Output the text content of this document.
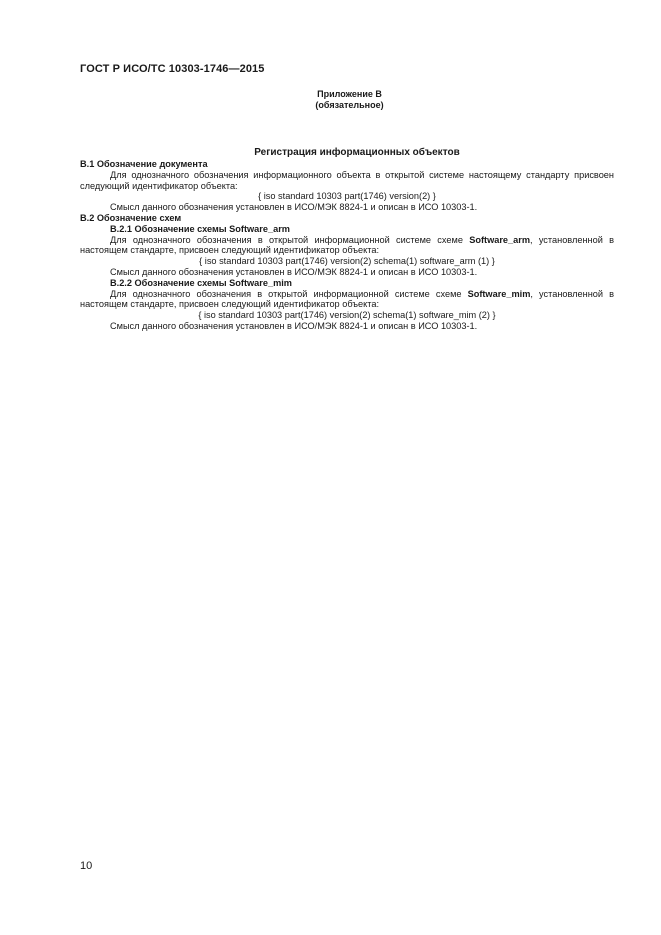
ГОСТ Р ИСО/ТС 10303-1746—2015
Приложение В
(обязательное)
Регистрация информационных объектов
В.1 Обозначение документа
Для однозначного обозначения информационного объекта в открытой системе настоящему стандарту присвоен следующий идентификатор объекта:
{ iso standard 10303 part(1746) version(2) }
Смысл данного обозначения установлен в ИСО/МЭК 8824-1 и описан в ИСО 10303-1.
В.2 Обозначение схем
В.2.1 Обозначение схемы Software_arm
Для однозначного обозначения в открытой информационной системе схеме Software_arm, установленной в настоящем стандарте, присвоен следующий идентификатор объекта:
{ iso standard 10303 part(1746) version(2) schema(1) software_arm (1) }
Смысл данного обозначения установлен в ИСО/МЭК 8824-1 и описан в ИСО 10303-1.
В.2.2 Обозначение схемы Software_mim
Для однозначного обозначения в открытой информационной системе схеме Software_mim, установленной в настоящем стандарте, присвоен следующий идентификатор объекта:
{ iso standard 10303 part(1746) version(2) schema(1) software_mim (2) }
Смысл данного обозначения установлен в ИСО/МЭК 8824-1 и описан в ИСО 10303-1.
10
